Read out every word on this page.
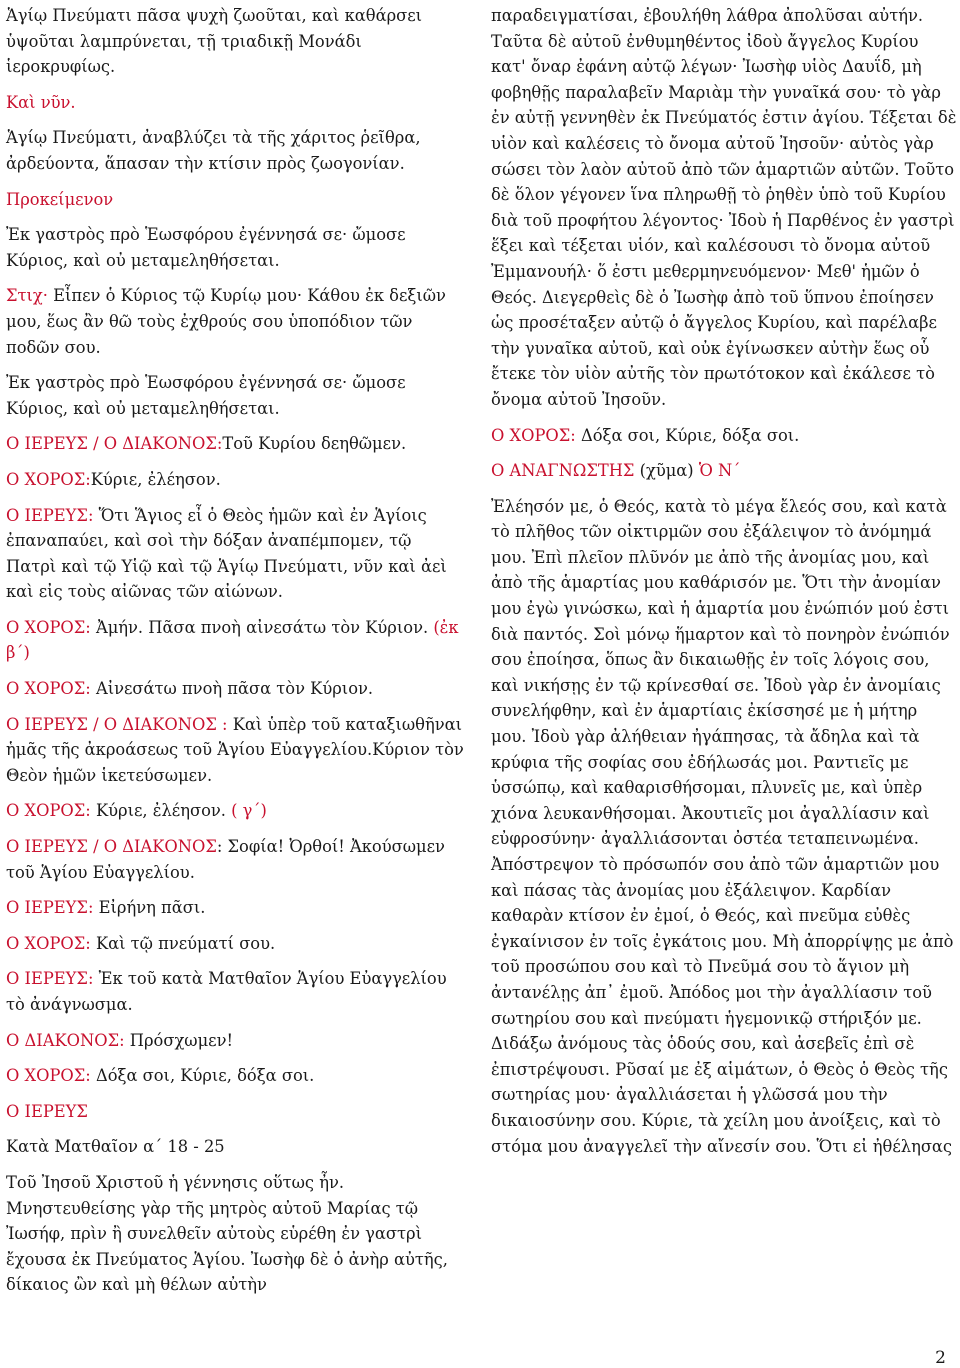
Ἁγίῳ Πνεύματι πᾶσα ψυχὴ ζωοῦται, καὶ καθάρσει ὑψοῦται λαμπρύνεται, τῇ τριαδικῇ Μονάδι ἱεροκρυφίως.
Καὶ νῦν.
Ἁγίῳ Πνεύματι, ἀναβλύζει τὰ τῆς χάριτος ῥεῖθρα, ἀρδεύοντα, ἅπασαν τὴν κτίσιν πρὸς ζωογονίαν.
Προκείμενον
Ἐκ γαστρὸς πρὸ Ἑωσφόρου ἐγέννησά σε· ὤμοσε Κύριος, καὶ οὐ μεταμεληθήσεται.
Στιχ· Εἶπεν ὁ Κύριος τῷ Κυρίῳ μου· Κάθου ἐκ δεξιῶν μου, ἕως ἂν θῶ τοὺς ἐχθρούς σου ὑποπόδιον τῶν ποδῶν σου.
Ἐκ γαστρὸς πρὸ Ἑωσφόρου ἐγέννησά σε· ὤμοσε Κύριος, καὶ οὐ μεταμεληθήσεται.
Ο ΙΕΡΕΥΣ / Ο ΔΙΑΚΟΝΟΣ:Τοῦ Κυρίου δεηθῶμεν.
Ο ΧΟΡΟΣ:Κύριε, ἐλέησον.
Ο ΙΕΡΕΥΣ: Ὅτι Ἅγιος εἶ ὁ Θεὸς ἡμῶν καὶ ἐν Ἁγίοις ἐπαναπαύει, καὶ σοὶ τὴν δόξαν ἀναπέμπομεν, τῷ Πατρὶ καὶ τῷ Υἱῷ καὶ τῷ Ἁγίῳ Πνεύματι, νῦν καὶ ἀεὶ καὶ εἰς τοὺς αἰῶνας τῶν αἰώνων.
Ο ΧΟΡΟΣ: Ἀμήν. Πᾶσα πνοὴ αἰνεσάτω τὸν Κύριον. (ἐκ β´)
Ο ΧΟΡΟΣ: Αἰνεσάτω πνοὴ πᾶσα τὸν Κύριον.
Ο ΙΕΡΕΥΣ / Ο ΔΙΑΚΟΝΟΣ : Καὶ ὑπὲρ τοῦ καταξιωθῆναι ἡμᾶς τῆς ἀκροάσεως τοῦ Ἁγίου Εὐαγγελίου.Κύριον τὸν Θεὸν ἡμῶν ἱκετεύσωμεν.
Ο ΧΟΡΟΣ: Κύριε, ἐλέησον. ( γ´)
Ο ΙΕΡΕΥΣ / Ο ΔΙΑΚΟΝΟΣ: Σοφία! Ὀρθοί! Ἀκούσωμεν τοῦ Ἁγίου Εὐαγγελίου.
Ο ΙΕΡΕΥΣ: Εἰρήνη πᾶσι.
Ο ΧΟΡΟΣ: Καὶ τῷ πνεύματί σου.
Ο ΙΕΡΕΥΣ: Ἐκ τοῦ κατὰ Ματθαῖον Ἁγίου Εὐαγγελίου τὸ ἀνάγνωσμα.
Ο ΔΙΑΚΟΝΟΣ: Πρόσχωμεν!
Ο ΧΟΡΟΣ: Δόξα σοι, Κύριε, δόξα σοι.
Ο ΙΕΡΕΥΣ
Κατὰ Ματθαῖον α´ 18 - 25
Τοῦ Ἰησοῦ Χριστοῦ ἡ γέννησις οὕτως ἦν. Μνηστευθείσης γὰρ τῆς μητρὸς αὐτοῦ Μαρίας τῷ Ἰωσήφ, πρὶν ἢ συνελθεῖν αὐτοὺς εὑρέθη ἐν γαστρὶ ἔχουσα ἐκ Πνεύματος Ἁγίου. Ἰωσὴφ δὲ ὁ ἀνὴρ αὐτῆς, δίκαιος ὢν καὶ μὴ θέλων αὐτὴν
παραδειγματίσαι, ἐβουλήθη λάθρα ἀπολῦσαι αὐτήν. Ταῦτα δὲ αὐτοῦ ἐνθυμηθέντος ἰδοὺ ἄγγελος Κυρίου κατ' ὄναρ ἐφάνη αὐτῷ λέγων· Ἰωσὴφ υἱὸς Δαυΐδ, μὴ φοβηθῇς παραλαβεῖν Μαριὰμ τὴν γυναῖκά σου· τὸ γὰρ ἐν αὐτῇ γεννηθὲν ἐκ Πνεύματός ἐστιν ἁγίου. Τέξεται δὲ υἱὸν καὶ καλέσεις τὸ ὄνομα αὐτοῦ Ἰησοῦν· αὐτὸς γὰρ σώσει τὸν λαὸν αὐτοῦ ἀπὸ τῶν ἁμαρτιῶν αὐτῶν. Τοῦτο δὲ ὅλον γέγονεν ἵνα πληρωθῇ τὸ ῥηθὲν ὑπὸ τοῦ Κυρίου διὰ τοῦ προφήτου λέγοντος· Ἰδοὺ ἡ Παρθένος ἐν γαστρὶ ἕξει καὶ τέξεται υἱόν, καὶ καλέσουσι τὸ ὄνομα αὐτοῦ Ἐμμανουήλ· ὅ ἐστι μεθερμηνευόμενον· Μεθ' ἡμῶν ὁ Θεός. Διεγερθεὶς δὲ ὁ Ἰωσὴφ ἀπὸ τοῦ ὕπνου ἐποίησεν ὡς προσέταξεν αὐτῷ ὁ ἄγγελος Κυρίου, καὶ παρέλαβε τὴν γυναῖκα αὐτοῦ, καὶ οὐκ ἐγίνωσκεν αὐτὴν ἕως οὗ ἔτεκε τὸν υἱὸν αὐτῆς τὸν πρωτότοκον καὶ ἐκάλεσε τὸ ὄνομα αὐτοῦ Ἰησοῦν.
Ο ΧΟΡΟΣ: Δόξα σοι, Κύριε, δόξα σοι.
Ο ΑΝΑΓΝΩΣΤΗΣ (χῦμα) Ὁ Ν´
Ἐλέησόν με, ὁ Θεός, κατὰ τὸ μέγα ἔλεός σου, καὶ κατὰ τὸ πλῆθος τῶν οἰκτιρμῶν σου ἐξάλειψον τὸ ἀνόμημά μου. Ἐπὶ πλεῖον πλῦνόν με ἀπὸ τῆς ἀνομίας μου, καὶ ἀπὸ τῆς ἁμαρτίας μου καθάρισόν με. Ὅτι τὴν ἀνομίαν μου ἐγὼ γινώσκω, καὶ ἡ ἁμαρτία μου ἐνώπιόν μού ἐστι διὰ παντός. Σοὶ μόνῳ ἥμαρτον καὶ τὸ πονηρὸν ἐνώπιόν σου ἐποίησα, ὅπως ἂν δικαιωθῇς ἐν τοῖς λόγοις σου, καὶ νικήσῃς ἐν τῷ κρίνεσθαί σε. Ἰδοὺ γὰρ ἐν ἀνομίαις συνελήφθην, καὶ ἐν ἁμαρτίαις ἐκίσσησέ με ἡ μήτηρ μου. Ἰδοὺ γὰρ ἀλήθειαν ἠγάπησας, τὰ ἄδηλα καὶ τὰ κρύφια τῆς σοφίας σου ἐδήλωσάς μοι. Ραντιεῖς με ὑσσώπῳ, καὶ καθαρισθήσομαι, πλυνεῖς με, καὶ ὑπὲρ χιόνα λευκανθήσομαι. Ἀκουτιεῖς μοι ἀγαλλίασιν καὶ εὐφροσύνην· ἀγαλλιάσονται ὀστέα τεταπεινωμένα. Ἀπόστρεψον τὸ πρόσωπόν σου ἀπὸ τῶν ἁμαρτιῶν μου καὶ πάσας τὰς ἀνομίας μου ἐξάλειψον. Καρδίαν καθαρὰν κτίσον ἐν ἐμοί, ὁ Θεός, καὶ πνεῦμα εὐθὲς ἐγκαίνισον ἐν τοῖς ἐγκάτοις μου. Μὴ ἀπορρίψῃς με ἀπὸ τοῦ προσώπου σου καὶ τὸ Πνεῦμά σου τὸ ἅγιον μὴ ἀντανέλῃς ἀπ᾿ ἐμοῦ. Ἀπόδος μοι τὴν ἀγαλλίασιν τοῦ σωτηρίου σου καὶ πνεύματι ἡγεμονικῷ στήριξόν με. Διδάξω ἀνόμους τὰς ὁδούς σου, καὶ ἀσεβεῖς ἐπὶ σὲ ἐπιστρέψουσι. Ρῦσαί με ἐξ αἱμάτων, ὁ Θεὸς ὁ Θεὸς τῆς σωτηρίας μου· ἀγαλλιάσεται ἡ γλῶσσά μου τὴν δικαιοσύνην σου. Κύριε, τὰ χείλη μου ἀνοίξεις, καὶ τὸ στόμα μου ἀναγγελεῖ τὴν αἴνεσίν σου. Ὅτι εἰ ἠθέλησας
2
